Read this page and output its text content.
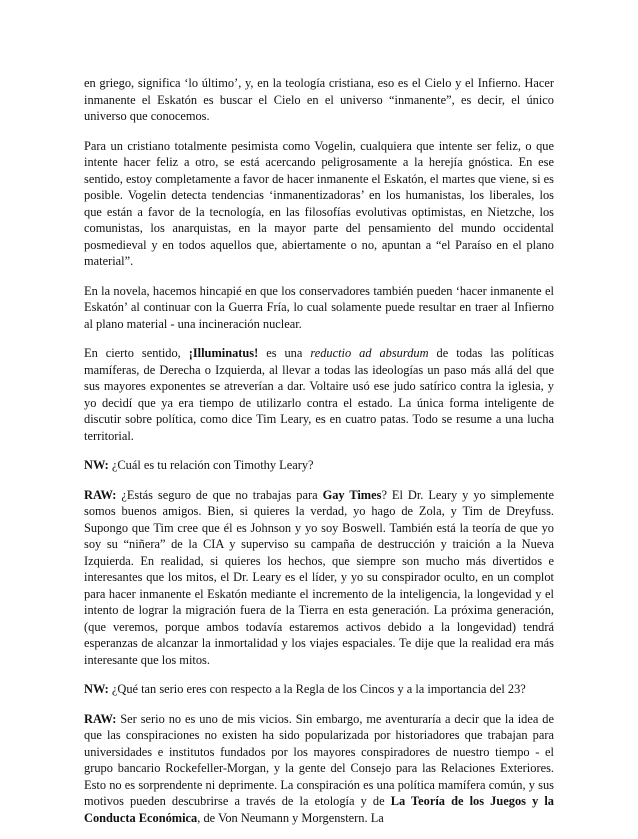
en griego, significa ‘lo último’, y, en la teología cristiana, eso es el Cielo y el Infierno. Hacer inmanente el Eskatón es buscar el Cielo en el universo “inmanente”, es decir, el único universo que conocemos.

Para un cristiano totalmente pesimista como Vogelin, cualquiera que intente ser feliz, o que intente hacer feliz a otro, se está acercando peligrosamente a la herejía gnóstica. En ese sentido, estoy completamente a favor de hacer inmanente el Eskatón, el martes que viene, si es posible. Vogelin detecta tendencias ‘inmanentizadoras’ en los humanistas, los liberales, los que están a favor de la tecnología, en las filosofías evolutivas optimistas, en Nietzche, los comunistas, los anarquistas, en la mayor parte del pensamiento del mundo occidental posmedieval y en todos aquellos que, abiertamente o no, apuntan a “el Paraíso en el plano material”.

En la novela, hacemos hincapié en que los conservadores también pueden ‘hacer inmanente el Eskatón’ al continuar con la Guerra Fría, lo cual solamente puede resultar en traer al Infierno al plano material - una incineración nuclear.

En cierto sentido, ¡Illuminatus! es una reductio ad absurdum de todas las políticas mamíferas, de Derecha o Izquierda, al llevar a todas las ideologías un paso más allá del que sus mayores exponentes se atreverían a dar. Voltaire usó ese judo satírico contra la iglesia, y yo decidí que ya era tiempo de utilizarlo contra el estado. La única forma inteligente de discutir sobre política, como dice Tim Leary, es en cuatro patas. Todo se resume a una lucha territorial.

NW: ¿Cuál es tu relación con Timothy Leary?

RAW: ¿Estás seguro de que no trabajas para Gay Times? El Dr. Leary y yo simplemente somos buenos amigos. Bien, si quieres la verdad, yo hago de Zola, y Tim de Dreyfuss. Supongo que Tim cree que él es Johnson y yo soy Boswell. También está la teoría de que yo soy su “niñera” de la CIA y superviso su campaña de destrucción y traición a la Nueva Izquierda. En realidad, si quieres los hechos, que siempre son mucho más divertidos e interesantes que los mitos, el Dr. Leary es el líder, y yo su conspirador oculto, en un complot para hacer inmanente el Eskatón mediante el incremento de la inteligencia, la longevidad y el intento de lograr la migración fuera de la Tierra en esta generación. La próxima generación, (que veremos, porque ambos todavía estaremos activos debido a la longevidad) tendrá esperanzas de alcanzar la inmortalidad y los viajes espaciales. Te dije que la realidad era más interesante que los mitos.

NW: ¿Qué tan serio eres con respecto a la Regla de los Cincos y a la importancia del 23?

RAW: Ser serio no es uno de mis vicios. Sin embargo, me aventuraría a decir que la idea de que las conspiraciones no existen ha sido popularizada por historiadores que trabajan para universidades e institutos fundados por los mayores conspiradores de nuestro tiempo - el grupo bancario Rockefeller-Morgan, y la gente del Consejo para las Relaciones Exteriores. Esto no es sorprendente ni deprimente. La conspiración es una política mamífera común, y sus motivos pueden descubrirse a través de la etología y de La Teoría de los Juegos y la Conducta Económica, de Von Neumann y Morgenstern. La
